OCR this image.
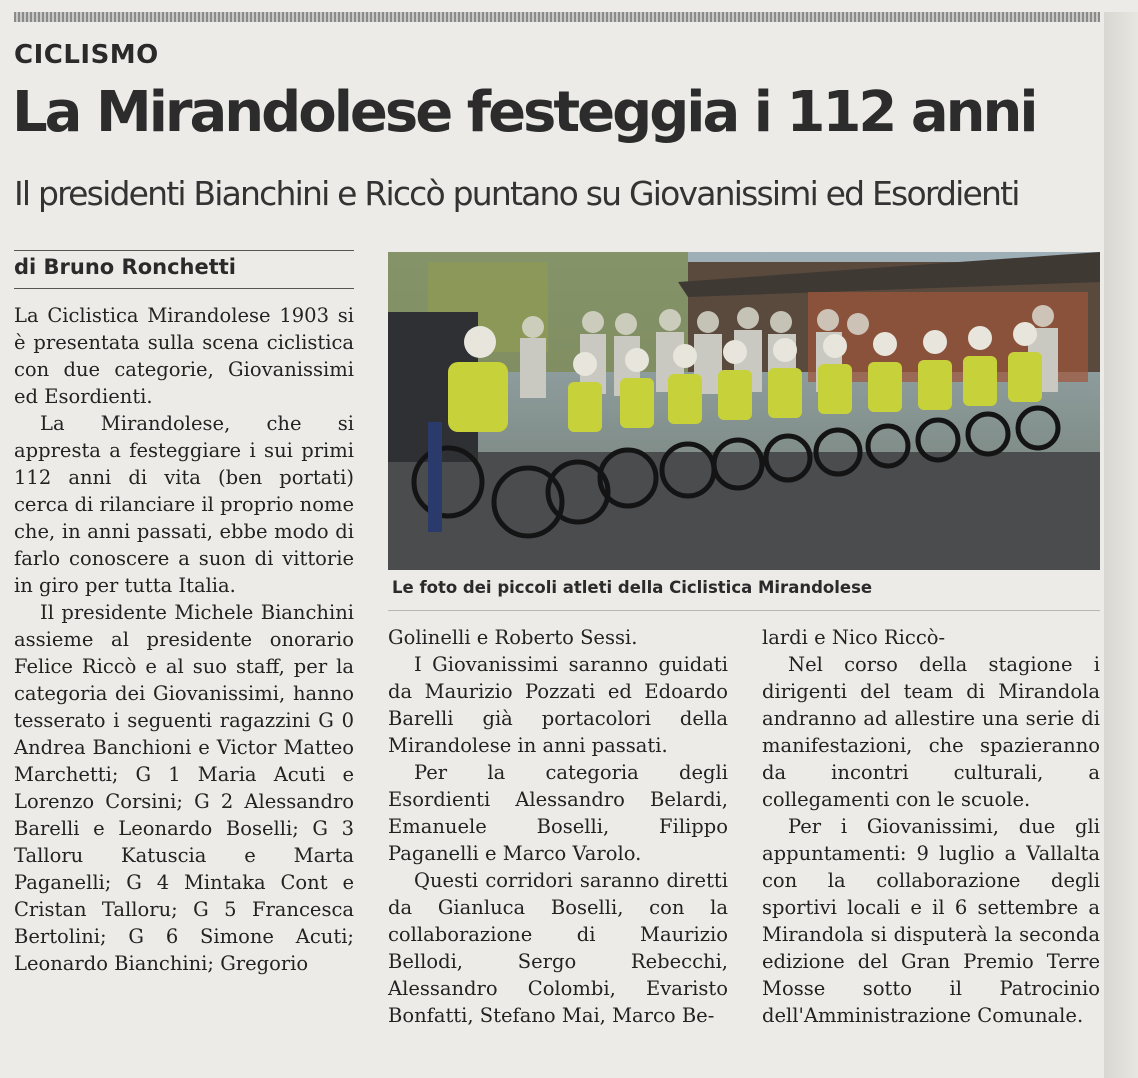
CICLISMO
La Mirandolese festeggia i 112 anni
Il presidenti Bianchini e Riccò puntano su Giovanissimi ed Esordienti
di Bruno Ronchetti

La Ciclistica Mirandolese 1903 si è presentata sulla scena ciclistica con due categorie, Giovanissimi ed Esordienti.

La Mirandolese, che si appresta a festeggiare i sui primi 112 anni di vita (ben portati) cerca di rilanciare il proprio nome che, in anni passati, ebbe modo di farlo conoscere a suon di vittorie in giro per tutta Italia.

Il presidente Michele Bianchini assieme al presidente onorario Felice Riccò e al suo staff, per la categoria dei Giovanissimi, hanno tesserato i seguenti ragazzini G 0 Andrea Banchioni e Victor Matteo Marchetti; G 1 Maria Acuti e Lorenzo Corsini; G 2 Alessandro Barelli e Leonardo Boselli; G 3 Talloru Katuscia e Marta Paganelli; G 4 Mintaka Cont e Cristan Talloru; G 5 Francesca Bertolini; G 6 Simone Acuti; Leonardo Bianchini; Gregorio

Le foto dei piccoli atleti della Ciclistica Mirandolese

Golinelli e Roberto Sessi.

I Giovanissimi saranno guidati da Maurizio Pozzati ed Edoardo Barelli già portacolori della Mirandolese in anni passati.

Per la categoria degli Esordienti Alessandro Belardi, Emanuele Boselli, Filippo Paganelli e Marco Varolo.

Questi corridori saranno diretti da Gianluca Boselli, con la collaborazione di Maurizio Bellodi, Sergo Rebecchi, Alessandro Colombi, Evaristo Bonfatti, Stefano Mai, Marco Be-

lardi e Nico Riccò-

Nel corso della stagione i dirigenti del team di Mirandola andranno ad allestire una serie di manifestazioni, che spazieranno da incontri culturali, a collegamenti con le scuole.

Per i Giovanissimi, due gli appuntamenti: 9 luglio a Vallalta con la collaborazione degli sportivi locali e il 6 settembre a Mirandola si disputerà la seconda edizione del Gran Premio Terre Mosse sotto il Patrocinio dell'Amministrazione Comunale.
